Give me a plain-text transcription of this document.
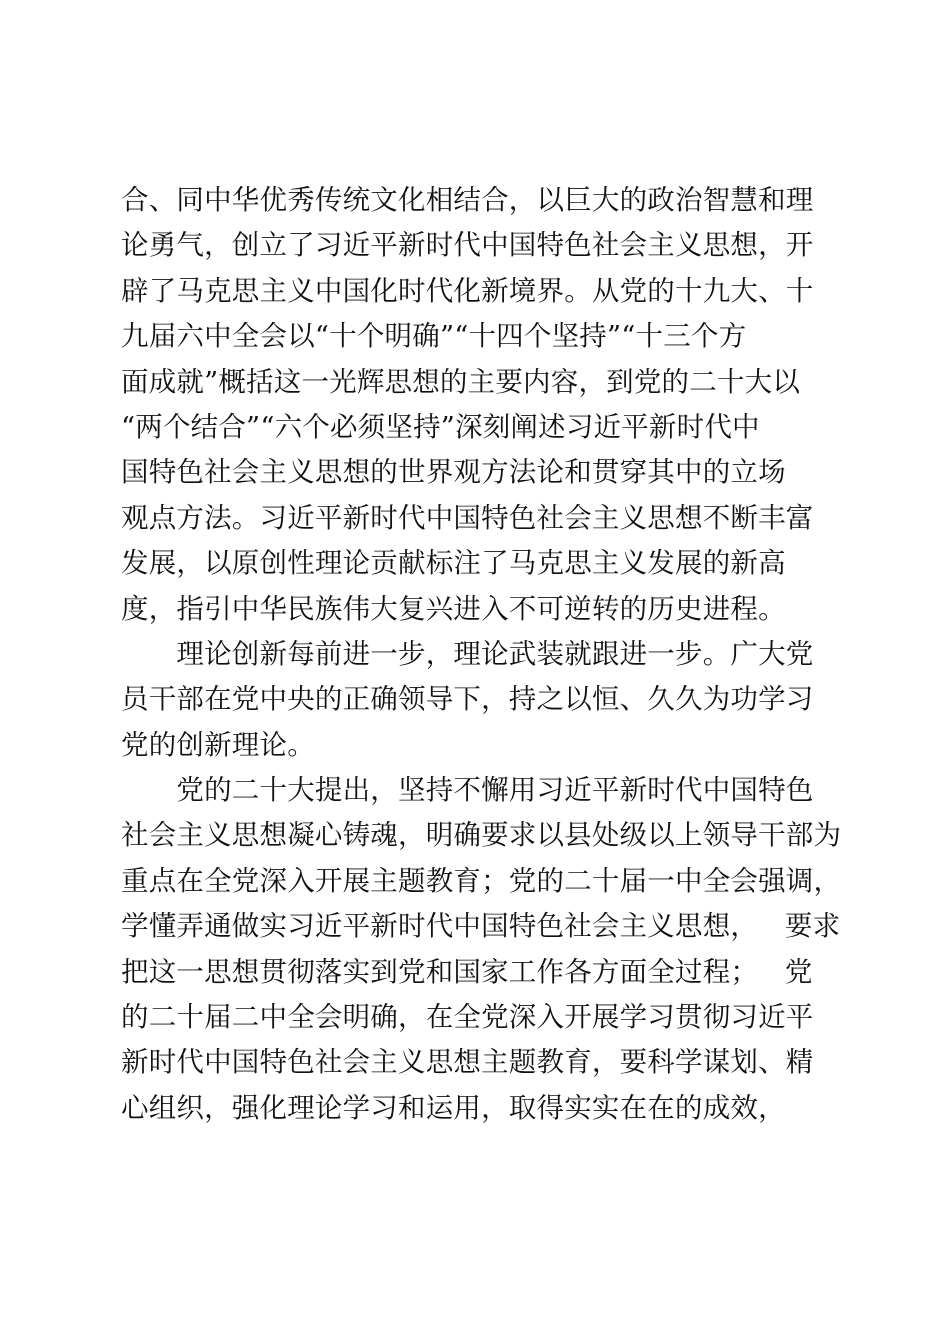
合、同中华优秀传统文化相结合，以巨大的政治智慧和理
论勇气，创立了习近平新时代中国特色社会主义思想，开
辟了马克思主义中国化时代化新境界。从党的十九大、十
九届六中全会以“十个明确”“十四个坚持”“十三个方
面成就”概括这一光辉思想的主要内容，到党的二十大以
“两个结合”“六个必须坚持”深刻阐述习近平新时代中
国特色社会主义思想的世界观方法论和贯穿其中的立场
观点方法。习近平新时代中国特色社会主义思想不断丰富
发展，以原创性理论贡献标注了马克思主义发展的新高
度，指引中华民族伟大复兴进入不可逆转的历史进程。
　　理论创新每前进一步，理论武装就跟进一步。广大党
员干部在党中央的正确领导下，持之以恒、久久为功学习
党的创新理论。
　　党的二十大提出，坚持不懈用习近平新时代中国特色
社会主义思想凝心铸魂，明确要求以县处级以上领导干部为
重点在全党深入开展主题教育；党的二十届一中全会强调，
学懂弄通做实习近平新时代中国特色社会主义思想，   要求
把这一思想贯彻落实到党和国家工作各方面全过程；   党
的二十届二中全会明确，在全党深入开展学习贯彻习近平
新时代中国特色社会主义思想主题教育，要科学谋划、精
心组织，强化理论学习和运用，取得实实在在的成效，
